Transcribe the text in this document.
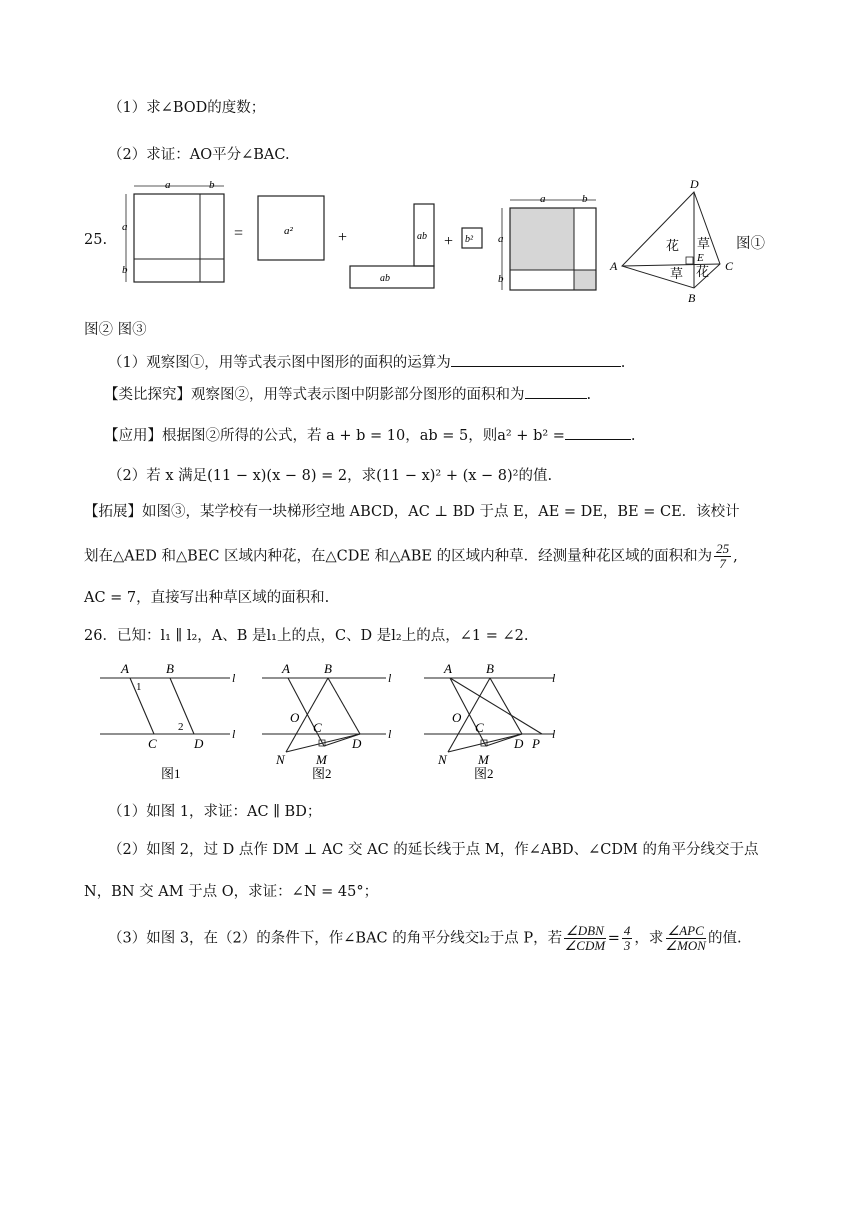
（1）求∠BOD的度数；
（2）求证：AO平分∠BAC.
25.
a	b
a
b
=	a²	+	ab
ab
+ b²
a	b
a
b
D
A
B
C
E
花 草
草 花
图①
图② 图③
（1）观察图①，用等式表示图中图形的面积的运算为	.
【类比探究】观察图②，用等式表示图中阴影部分图形的面积和为	.
【应用】根据图②所得的公式，若 a + b = 10，ab = 5，则a² + b² =	.
（2）若 x 满足(11 − x)(x − 8) = 2，求(11 − x)² + (x − 8)²的值.
【拓展】如图③，某学校有一块梯形空地 ABCD，AC ⊥ BD 于点 E，AE = DE，BE = CE．该校计
划在△AED 和△BEC 区域内种花，在△CDE 和△ABE 的区域内种草．经测量种花区域的面积和为 $\frac{25}{7}$ ,
AC = 7，直接写出种草区域的面积和.
26．已知：l₁ ∥ l₂，A、B 是l₁上的点，C、D 是l₂上的点，∠1 = ∠2.
A	B
C	D
1
2
l
l
图1
A	B
O
C
D
N M
l
l
图2
A	B
O
C
D P
N M
l
l
图2
（1）如图 1，求证：AC ∥ BD；
（2）如图 2，过 D 点作 DM ⊥ AC 交 AC 的延长线于点 M，作∠ABD、∠CDM 的角平分线交于点
N，BN 交 AM 于点 O，求证：∠N = 45°；
（3）如图 3，在（2）的条件下，作∠BAC 的角平分线交l₂于点 P，若 $\frac{\text{∠DBN}}{\text{∠CDM}} = \frac{4}{3}$ ，求 $\frac{\text{∠APC}}{\text{∠MON}}$ 的值.
